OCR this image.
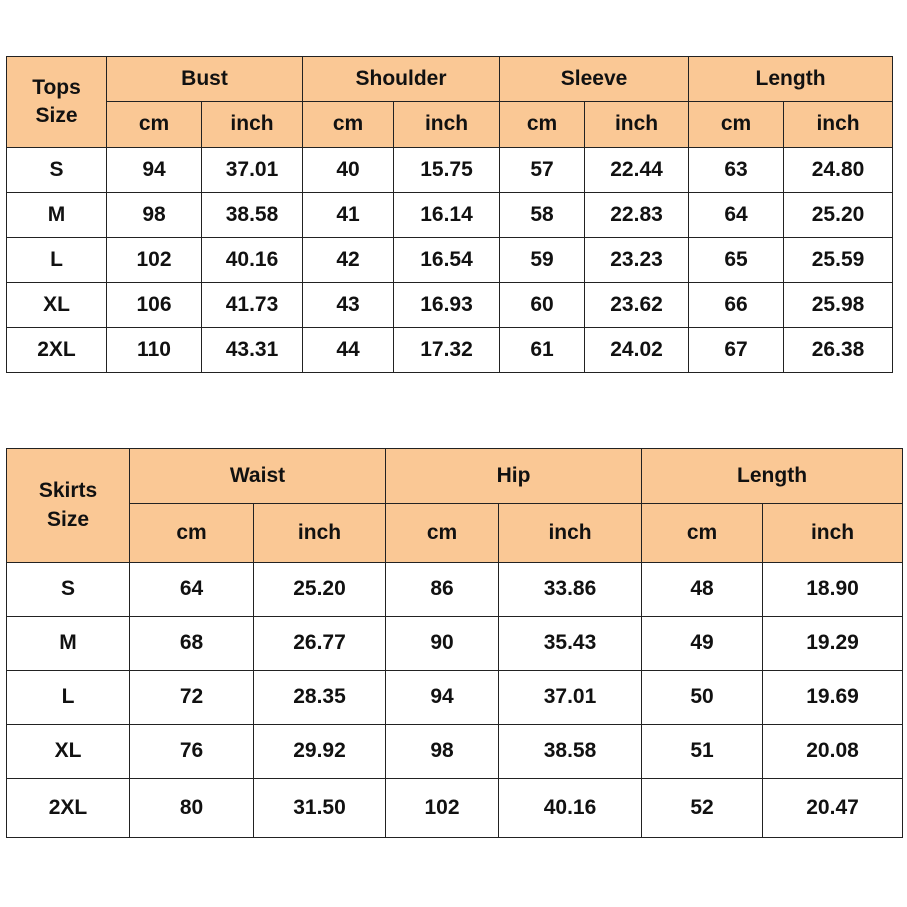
Tops
Size	Bust		Shoulder		Sleeve		Length	
	cm	inch	cm	inch	cm	inch	cm	inch
S	94	37.01	40	15.75	57	22.44	63	24.80
M	98	38.58	41	16.14	58	22.83	64	25.20
L	102	40.16	42	16.54	59	23.23	65	25.59
XL	106	41.73	43	16.93	60	23.62	66	25.98
2XL	110	43.31	44	17.32	61	24.02	67	26.38
Skirts
Size	Waist		Hip		Length	
	cm	inch	cm	inch	cm	inch
S	64	25.20	86	33.86	48	18.90
M	68	26.77	90	35.43	49	19.29
L	72	28.35	94	37.01	50	19.69
XL	76	29.92	98	38.58	51	20.08
2XL	80	31.50	102	40.16	52	20.47
